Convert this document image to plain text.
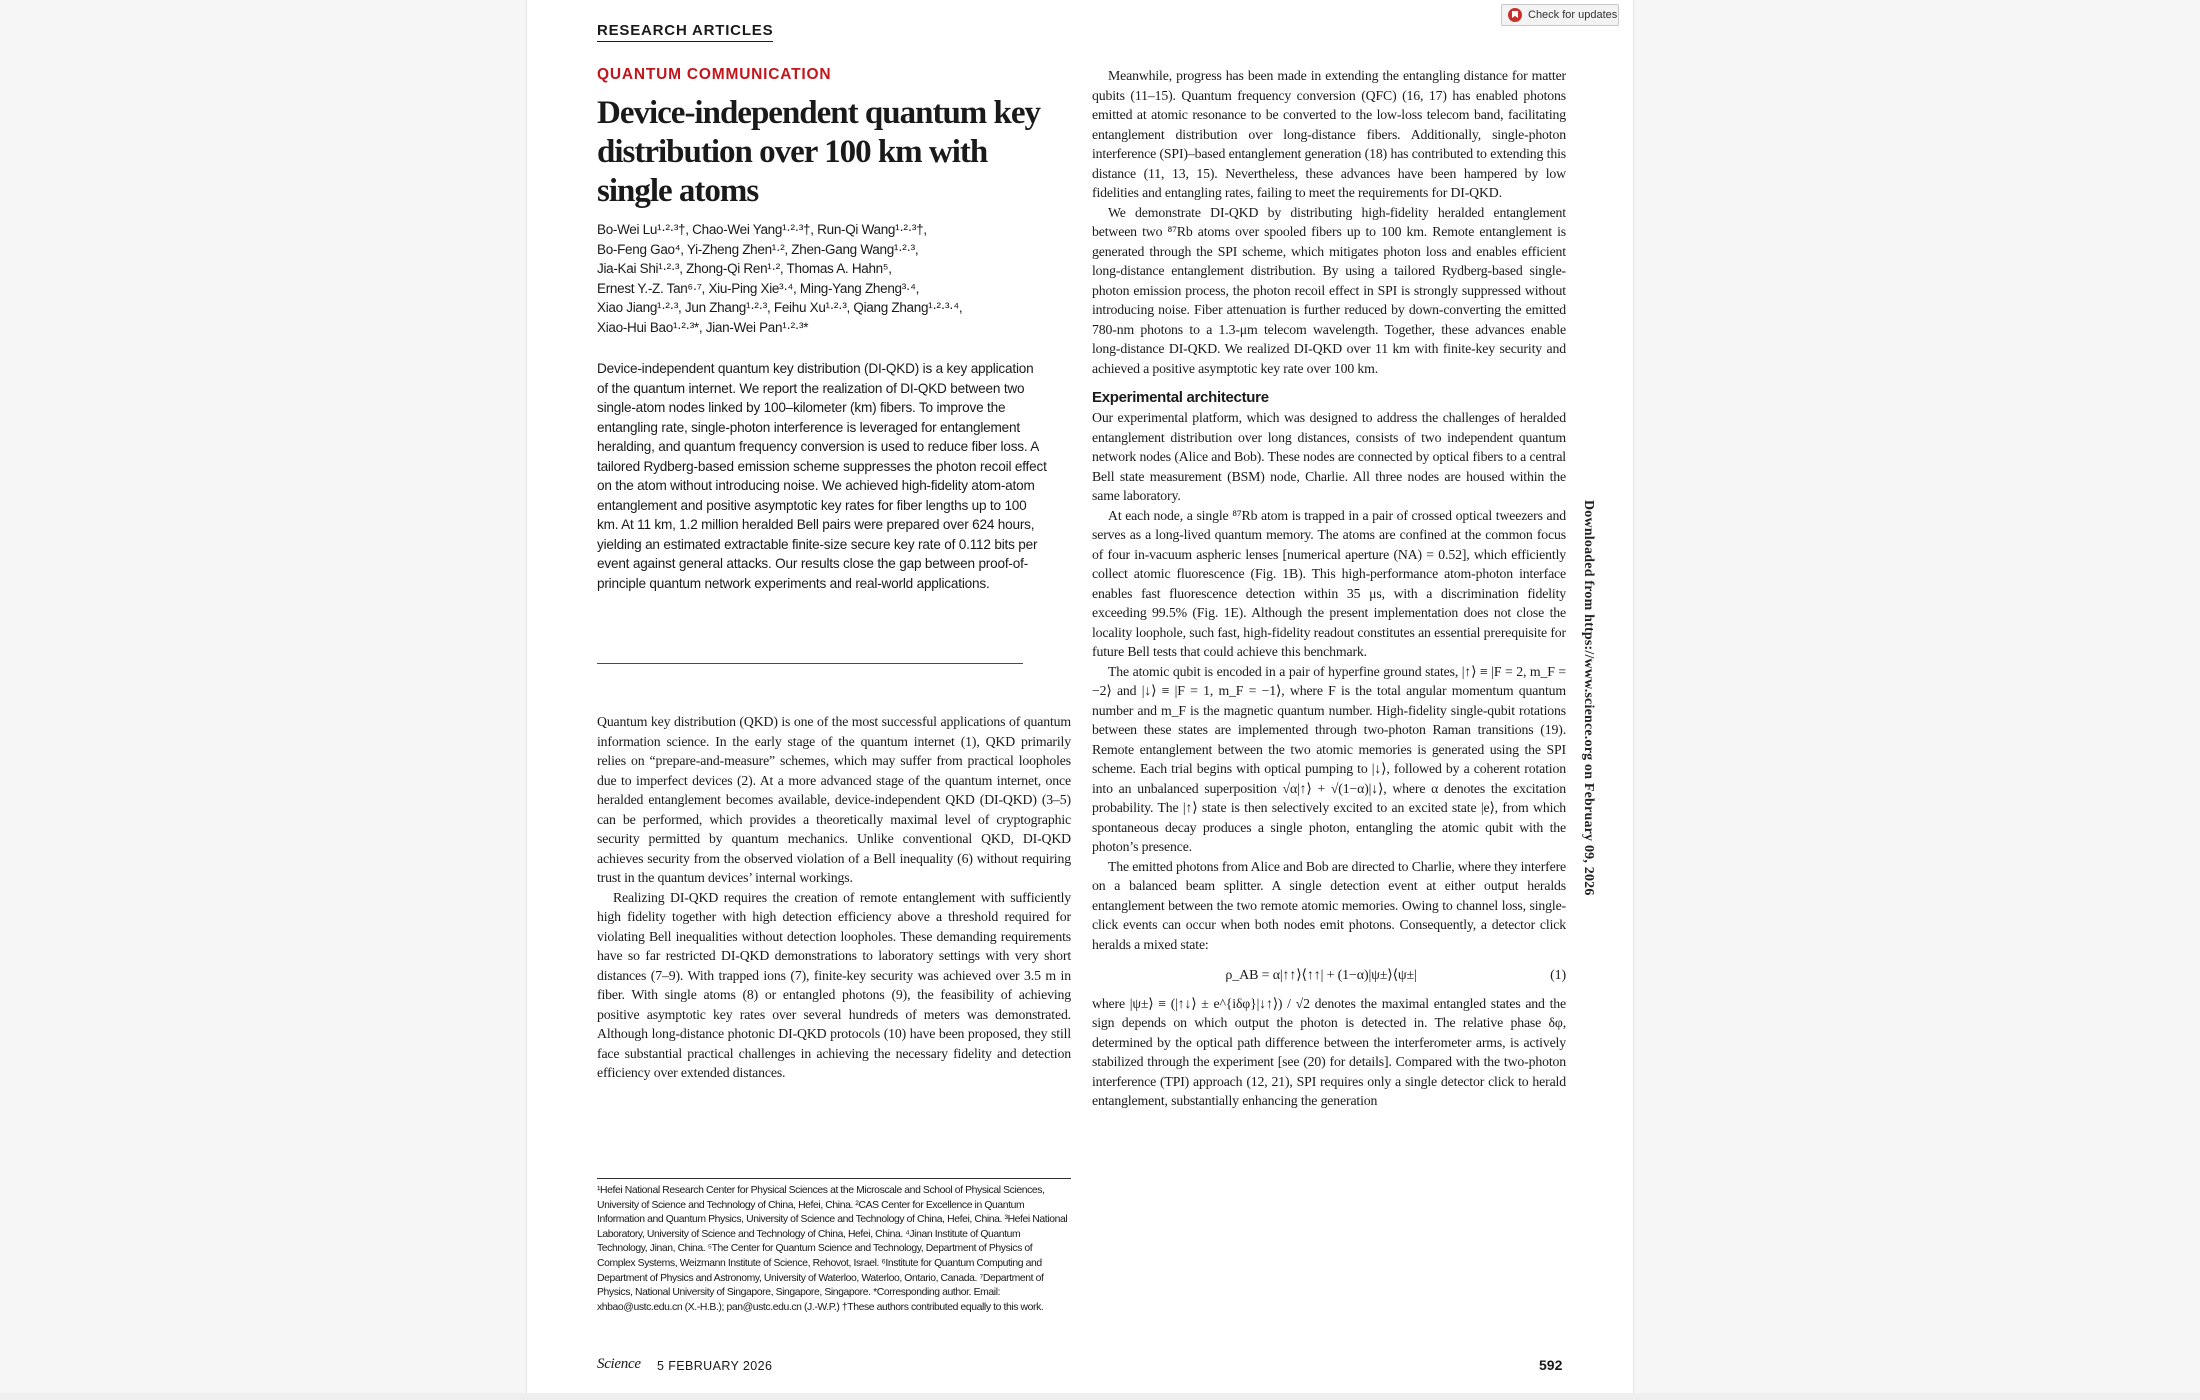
RESEARCH ARTICLES
Check for updates
QUANTUM COMMUNICATION
Device-independent quantum key distribution over 100 km with single atoms
Bo-Wei Lu¹·²·³†, Chao-Wei Yang¹·²·³†, Run-Qi Wang¹·²·³†,
Bo-Feng Gao⁴, Yi-Zheng Zhen¹·², Zhen-Gang Wang¹·²·³,
Jia-Kai Shi¹·²·³, Zhong-Qi Ren¹·², Thomas A. Hahn⁵,
Ernest Y.-Z. Tan⁶·⁷, Xiu-Ping Xie³·⁴, Ming-Yang Zheng³·⁴,
Xiao Jiang¹·²·³, Jun Zhang¹·²·³, Feihu Xu¹·²·³, Qiang Zhang¹·²·³·⁴,
Xiao-Hui Bao¹·²·³*, Jian-Wei Pan¹·²·³*
Device-independent quantum key distribution (DI-QKD) is a key application of the quantum internet. We report the realization of DI-QKD between two single-atom nodes linked by 100–kilometer (km) fibers. To improve the entangling rate, single-photon interference is leveraged for entanglement heralding, and quantum frequency conversion is used to reduce fiber loss. A tailored Rydberg-based emission scheme suppresses the photon recoil effect on the atom without introducing noise. We achieved high-fidelity atom-atom entanglement and positive asymptotic key rates for fiber lengths up to 100 km. At 11 km, 1.2 million heralded Bell pairs were prepared over 624 hours, yielding an estimated extractable finite-size secure key rate of 0.112 bits per event against general attacks. Our results close the gap between proof-of-principle quantum network experiments and real-world applications.

Quantum key distribution (QKD) is one of the most successful applications of quantum information science. In the early stage of the quantum internet (1), QKD primarily relies on “prepare-and-measure” schemes, which may suffer from practical loopholes due to imperfect devices (2). At a more advanced stage of the quantum internet, once heralded entanglement becomes available, device-independent QKD (DI-QKD) (3–5) can be performed, which provides a theoretically maximal level of cryptographic security permitted by quantum mechanics. Unlike conventional QKD, DI-QKD achieves security from the observed violation of a Bell inequality (6) without requiring trust in the quantum devices’ internal workings.

Realizing DI-QKD requires the creation of remote entanglement with sufficiently high fidelity together with high detection efficiency above a threshold required for violating Bell inequalities without detection loopholes. These demanding requirements have so far restricted DI-QKD demonstrations to laboratory settings with very short distances (7–9). With trapped ions (7), finite-key security was achieved over 3.5 m in fiber. With single atoms (8) or entangled photons (9), the feasibility of achieving positive asymptotic key rates over several hundreds of meters was demonstrated. Although long-distance photonic DI-QKD protocols (10) have been proposed, they still face substantial practical challenges in achieving the necessary fidelity and detection efficiency over extended distances.

Meanwhile, progress has been made in extending the entangling distance for matter qubits (11–15). Quantum frequency conversion (QFC) (16, 17) has enabled photons emitted at atomic resonance to be converted to the low-loss telecom band, facilitating entanglement distribution over long-distance fibers. Additionally, single-photon interference (SPI)–based entanglement generation (18) has contributed to extending this distance (11, 13, 15). Nevertheless, these advances have been hampered by low fidelities and entangling rates, failing to meet the requirements for DI-QKD.

We demonstrate DI-QKD by distributing high-fidelity heralded entanglement between two ⁸⁷Rb atoms over spooled fibers up to 100 km. Remote entanglement is generated through the SPI scheme, which mitigates photon loss and enables efficient long-distance entanglement distribution. By using a tailored Rydberg-based single-photon emission process, the photon recoil effect in SPI is strongly suppressed without introducing noise. Fiber attenuation is further reduced by down-converting the emitted 780-nm photons to a 1.3-μm telecom wavelength. Together, these advances enable long-distance DI-QKD. We realized DI-QKD over 11 km with finite-key security and achieved a positive asymptotic key rate over 100 km.

Experimental architecture

Our experimental platform, which was designed to address the challenges of heralded entanglement distribution over long distances, consists of two independent quantum network nodes (Alice and Bob). These nodes are connected by optical fibers to a central Bell state measurement (BSM) node, Charlie. All three nodes are housed within the same laboratory.

At each node, a single ⁸⁷Rb atom is trapped in a pair of crossed optical tweezers and serves as a long-lived quantum memory. The atoms are confined at the common focus of four in-vacuum aspheric lenses [numerical aperture (NA) = 0.52], which efficiently collect atomic fluorescence (Fig. 1B). This high-performance atom-photon interface enables fast fluorescence detection within 35 μs, with a discrimination fidelity exceeding 99.5% (Fig. 1E). Although the present implementation does not close the locality loophole, such fast, high-fidelity readout constitutes an essential prerequisite for future Bell tests that could achieve this benchmark.

The atomic qubit is encoded in a pair of hyperfine ground states, |↑⟩ ≡ |F = 2, m_F = −2⟩ and |↓⟩ ≡ |F = 1, m_F = −1⟩, where F is the total angular momentum quantum number and m_F is the magnetic quantum number. High-fidelity single-qubit rotations between these states are implemented through two-photon Raman transitions (19). Remote entanglement between the two atomic memories is generated using the SPI scheme. Each trial begins with optical pumping to |↓⟩, followed by a coherent rotation into an unbalanced superposition √α|↑⟩ + √(1−α)|↓⟩, where α denotes the excitation probability. The |↑⟩ state is then selectively excited to an excited state |e⟩, from which spontaneous decay produces a single photon, entangling the atomic qubit with the photon’s presence.

The emitted photons from Alice and Bob are directed to Charlie, where they interfere on a balanced beam splitter. A single detection event at either output heralds entanglement between the two remote atomic memories. Owing to channel loss, single-click events can occur when both nodes emit photons. Consequently, a detector click heralds a mixed state:

ρ_AB = α|↑↑⟩⟨↑↑| + (1−α)|ψ±⟩⟨ψ±|	(1)

where |ψ±⟩ ≡ (|↑↓⟩ ± e^{iδφ}|↓↑⟩) / √2 denotes the maximal entangled states and the sign depends on which output the photon is detected in. The relative phase δφ, determined by the optical path difference between the interferometer arms, is actively stabilized through the experiment [see (20) for details]. Compared with the two-photon interference (TPI) approach (12, 21), SPI requires only a single detector click to herald entanglement, substantially enhancing the generation

¹Hefei National Research Center for Physical Sciences at the Microscale and School of Physical Sciences, University of Science and Technology of China, Hefei, China. ²CAS Center for Excellence in Quantum Information and Quantum Physics, University of Science and Technology of China, Hefei, China. ³Hefei National Laboratory, University of Science and Technology of China, Hefei, China. ⁴Jinan Institute of Quantum Technology, Jinan, China. ⁵The Center for Quantum Science and Technology, Department of Physics of Complex Systems, Weizmann Institute of Science, Rehovot, Israel. ⁶Institute for Quantum Computing and Department of Physics and Astronomy, University of Waterloo, Waterloo, Ontario, Canada. ⁷Department of Physics, National University of Singapore, Singapore, Singapore. *Corresponding author. Email: xhbao@ustc.edu.cn (X.-H.B.); pan@ustc.edu.cn (J.-W.P.) †These authors contributed equally to this work.
Science 5 FEBRUARY 2026	592
Downloaded from https://www.science.org on February 09, 2026
